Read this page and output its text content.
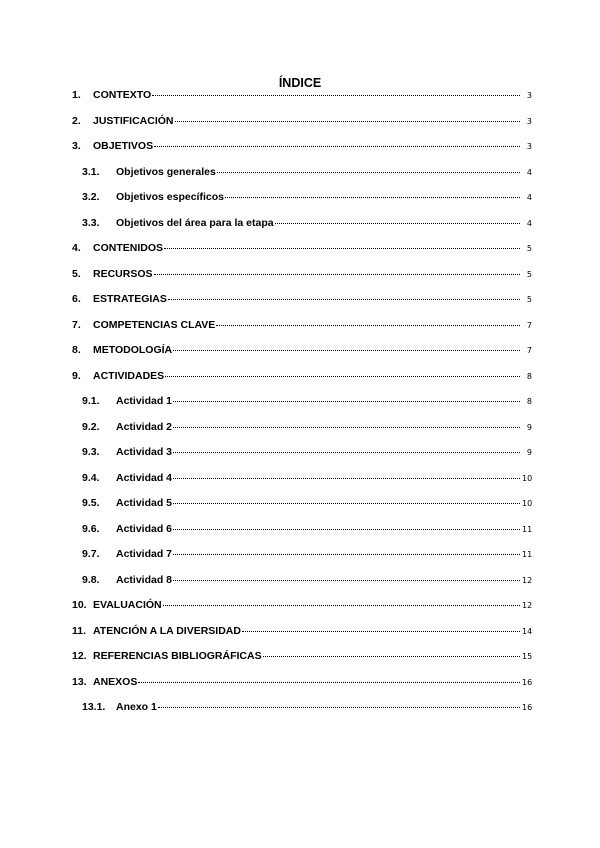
ÍNDICE
1.	CONTEXTO	3
2.	JUSTIFICACIÓN	3
3.	OBJETIVOS	3
3.1.	Objetivos generales	4
3.2.	Objetivos específicos	4
3.3.	Objetivos del área para la etapa	4
4.	CONTENIDOS	5
5.	RECURSOS	5
6.	ESTRATEGIAS	5
7.	COMPETENCIAS CLAVE	7
8.	METODOLOGÍA	7
9.	ACTIVIDADES	8
9.1.	Actividad 1	8
9.2.	Actividad 2	9
9.3.	Actividad 3	9
9.4.	Actividad 4	10
9.5.	Actividad 5	10
9.6.	Actividad 6	11
9.7.	Actividad 7	11
9.8.	Actividad 8	12
10. EVALUACIÓN	12
11. ATENCIÓN A LA DIVERSIDAD	14
12. REFERENCIAS BIBLIOGRÁFICAS	15
13. ANEXOS	16
13.1.	Anexo 1	16
